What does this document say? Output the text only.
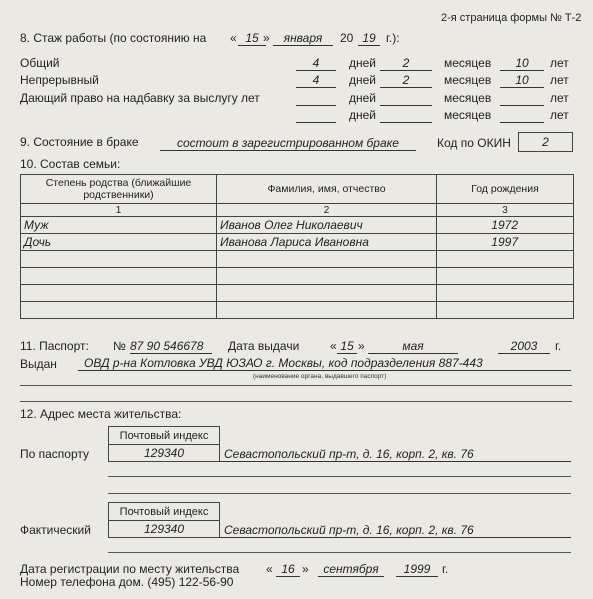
2-я страница формы № Т-2
8. Стаж работы (по состоянию на « 15 »	января	20 19 г.):
Общий	4	дней	2	месяцев	10	лет
Непрерывный	4	дней	2	месяцев	10	лет
Дающий право на надбавку за выслугу лет	дней	месяцев	лет
дней	месяцев	лет
9. Состояние в браке	состоит в зарегистрированном браке	Код по ОКИН	2
10. Состав семьи:
Степень родства (ближайшие родственники)	Фамилия, имя, отчество	Год рождения
1	2	3
Муж	Иванов Олег Николаевич	1972
Дочь	Иванова Лариса Ивановна	1997

11. Паспорт: № 87 90 546678	Дата выдачи	« 15 »	мая	2003	г.
Выдан ОВД р-на Котловка УВД ЮЗАО г. Москвы, код подразделения 887-443
(наименование органа, выдавшего паспорт)
12. Адрес места жительства:
Почтовый индекс
129340
По паспорту	Севастопольский пр-т, д. 16, корп. 2, кв. 76
Почтовый индекс
129340
Фактический	Севастопольский пр-т, д. 16, корп. 2, кв. 76
Дата регистрации по месту жительства « 16 »	сентября	1999 г.
Номер телефона дом. (495) 122-56-90
